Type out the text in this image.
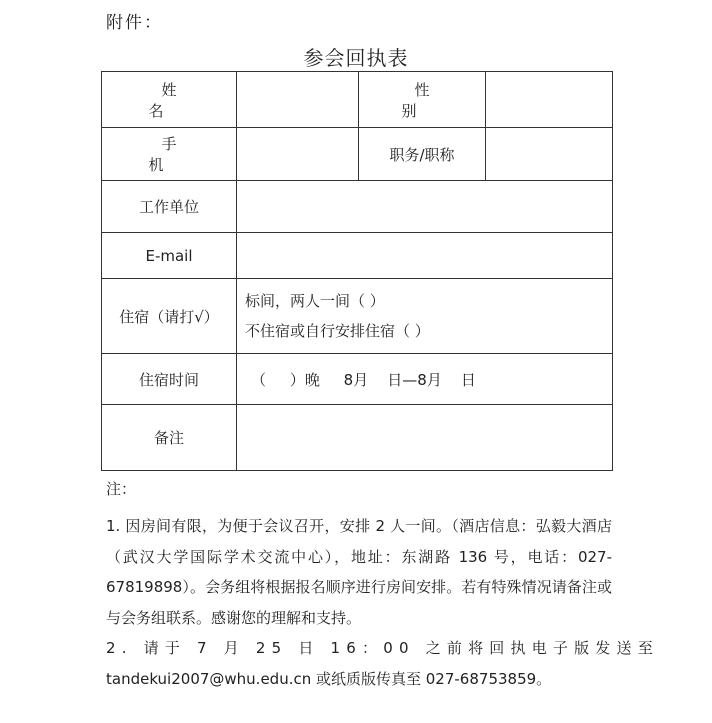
附件：
参会回执表
姓 名		性 别	
手 机		职务/职称	
工作单位			
E-mail			
住宿（请打√）	标间，两人一间（ ）
不住宿或自行安排住宿（ ）		

住宿时间	（     ）晚     8月    日—8月    日		
备注			
注：

1. 因房间有限，为便于会议召开，安排 2 人一间。（酒店信息：弘毅大酒店（武汉大学国际学术交流中心），地址：东湖路 136 号，电话：027-67819898）。会务组将根据报名顺序进行房间安排。若有特殊情况请备注或与会务组联系。感谢您的理解和支持。

2. 请于 7 月 25 日 16：00 之前将回执电子版发送至

tandekui2007@whu.edu.cn 或纸质版传真至 027-68753859。
